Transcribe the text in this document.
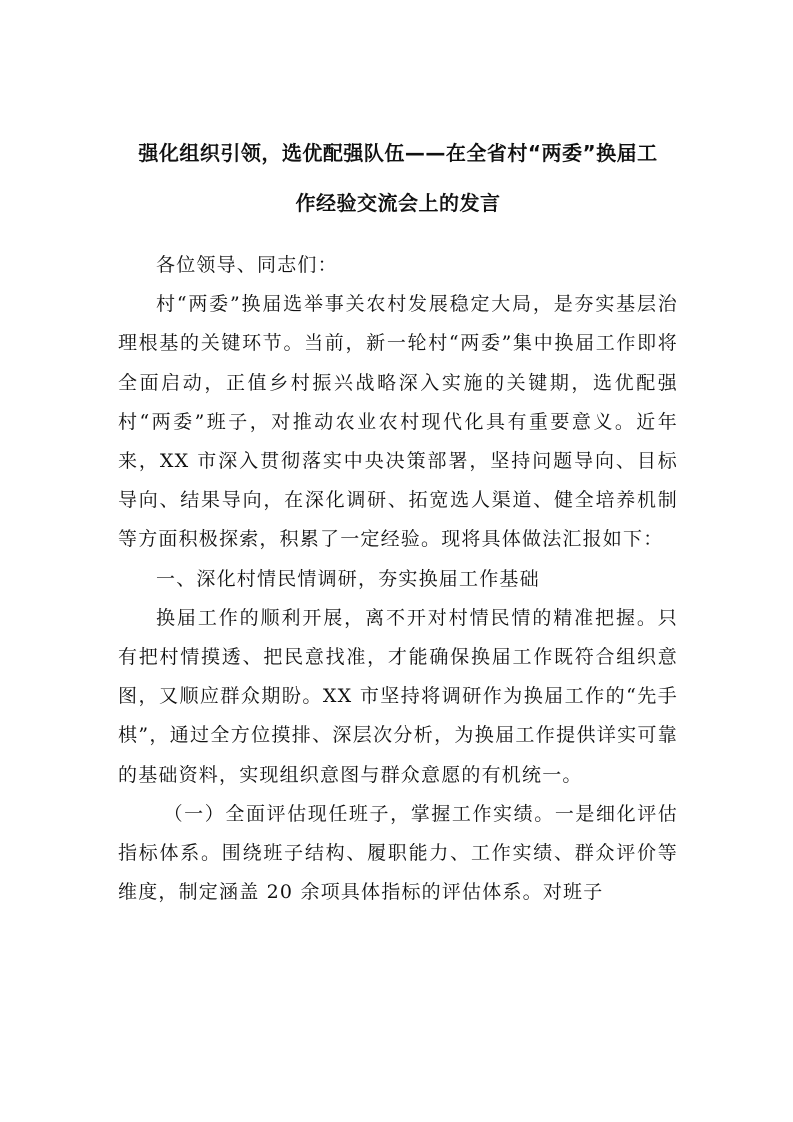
强化组织引领，选优配强队伍——在全省村“两委”换届工
作经验交流会上的发言

各位领导、同志们：

村“两委”换届选举事关农村发展稳定大局，是夯实基层治理根基的关键环节。当前，新一轮村“两委”集中换届工作即将全面启动，正值乡村振兴战略深入实施的关键期，选优配强村“两委”班子，对推动农业农村现代化具有重要意义。近年来，XX 市深入贯彻落实中央决策部署，坚持问题导向、目标导向、结果导向，在深化调研、拓宽选人渠道、健全培养机制等方面积极探索，积累了一定经验。现将具体做法汇报如下：

一、深化村情民情调研，夯实换届工作基础

换届工作的顺利开展，离不开对村情民情的精准把握。只有把村情摸透、把民意找准，才能确保换届工作既符合组织意图，又顺应群众期盼。XX 市坚持将调研作为换届工作的“先手棋”，通过全方位摸排、深层次分析，为换届工作提供详实可靠的基础资料，实现组织意图与群众意愿的有机统一。

（一）全面评估现任班子，掌握工作实绩。一是细化评估指标体系。围绕班子结构、履职能力、工作实绩、群众评价等维度，制定涵盖 20 余项具体指标的评估体系。对班子
